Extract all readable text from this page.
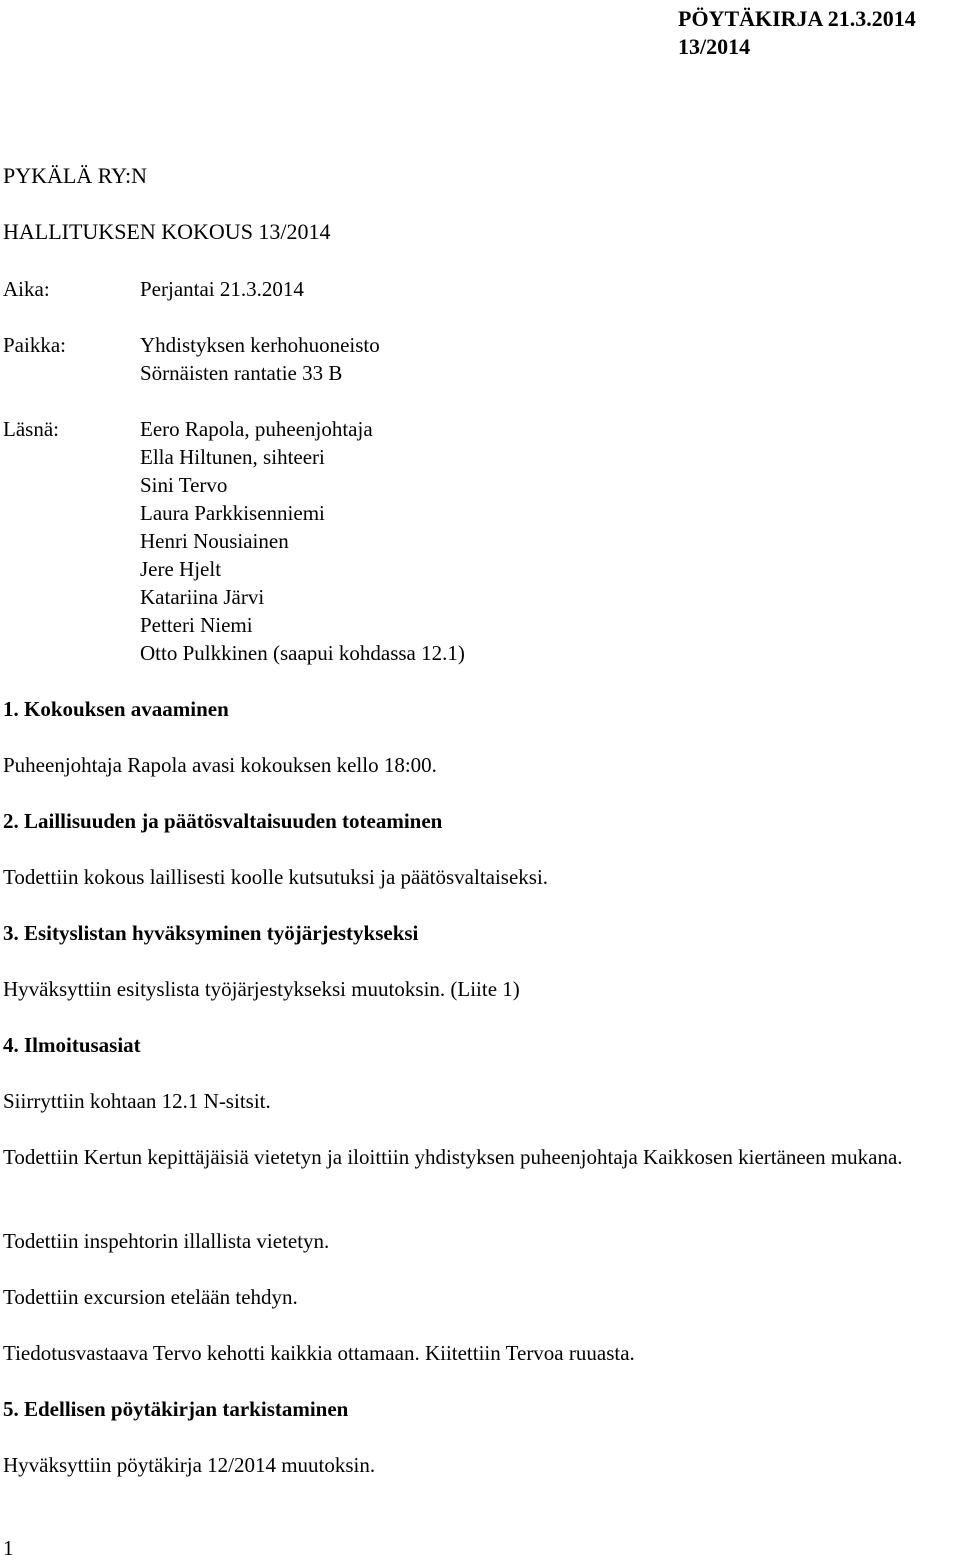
PÖYTÄKIRJA 21.3.2014
13/2014
PYKÄLÄ RY:N
HALLITUKSEN KOKOUS 13/2014
Aika:	Perjantai 21.3.2014
Paikka:	Yhdistyksen kerhohuoneisto
Sörnäisten rantatie 33 B
Läsnä:	Eero Rapola, puheenjohtaja
Ella Hiltunen, sihteeri
Sini Tervo
Laura Parkkisenniemi
Henri Nousiainen
Jere Hjelt
Katariina Järvi
Petteri Niemi
Otto Pulkkinen (saapui kohdassa 12.1)
1. Kokouksen avaaminen
Puheenjohtaja Rapola avasi kokouksen kello 18:00.
2. Laillisuuden ja päätösvaltaisuuden toteaminen
Todettiin kokous laillisesti koolle kutsutuksi ja päätösvaltaiseksi.
3. Esityslistan hyväksyminen työjärjestykseksi
Hyväksyttiin esityslista työjärjestykseksi muutoksin. (Liite 1)
4. Ilmoitusasiat
Siirryttiin kohtaan 12.1 N-sitsit.
Todettiin Kertun kepittäjäisiä vietetyn ja iloittiin yhdistyksen puheenjohtaja Kaikkosen kiertäneen mukana.
Todettiin inspehtorin illallista vietetyn.
Todettiin excursion etelään tehdyn.
Tiedotusvastaava Tervo kehotti kaikkia ottamaan. Kiitettiin Tervoa ruuasta.
5. Edellisen pöytäkirjan tarkistaminen
Hyväksyttiin pöytäkirja 12/2014 muutoksin.
1
